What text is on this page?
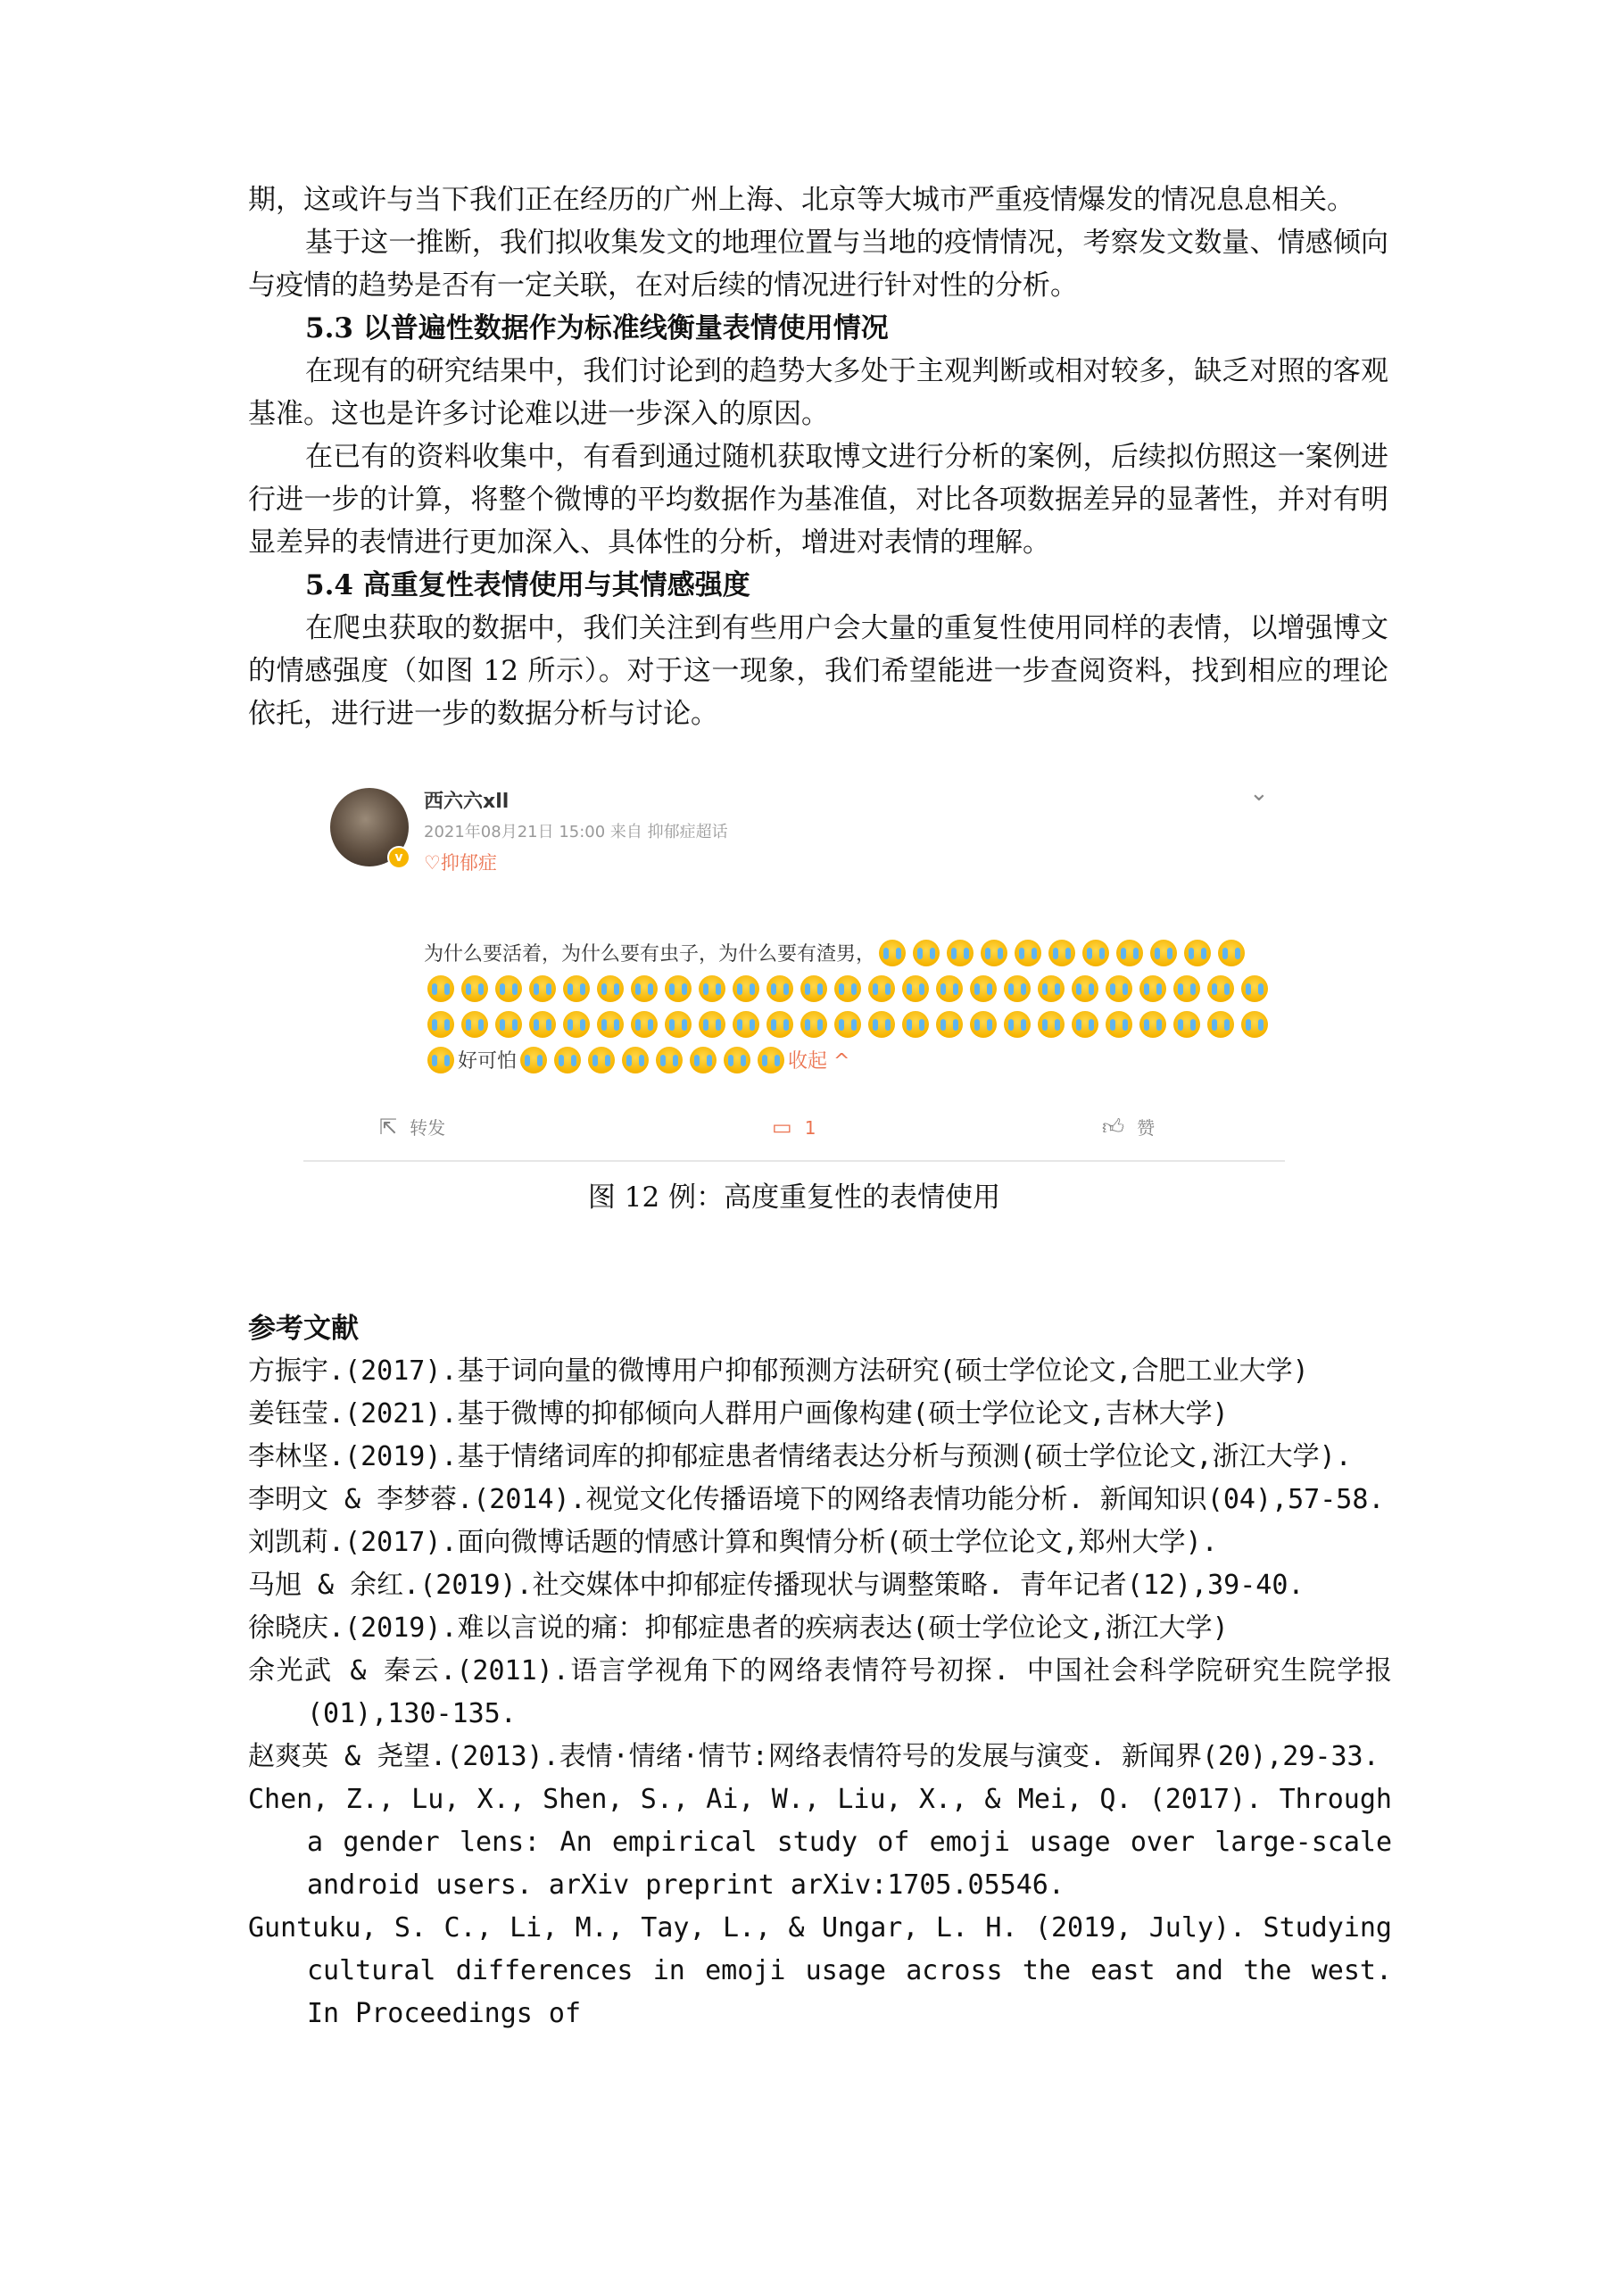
期，这或许与当下我们正在经历的广州上海、北京等大城市严重疫情爆发的情况息息相关。

基于这一推断，我们拟收集发文的地理位置与当地的疫情情况，考察发文数量、情感倾向与疫情的趋势是否有一定关联，在对后续的情况进行针对性的分析。

5.3 以普遍性数据作为标准线衡量表情使用情况

在现有的研究结果中，我们讨论到的趋势大多处于主观判断或相对较多，缺乏对照的客观基准。这也是许多讨论难以进一步深入的原因。

在已有的资料收集中，有看到通过随机获取博文进行分析的案例，后续拟仿照这一案例进行进一步的计算，将整个微博的平均数据作为基准值，对比各项数据差异的显著性，并对有明显差异的表情进行更加深入、具体性的分析，增进对表情的理解。

5.4 高重复性表情使用与其情感强度

在爬虫获取的数据中，我们关注到有些用户会大量的重复性使用同样的表情，以增强博文的情感强度（如图 12 所示）。对于这一现象，我们希望能进一步查阅资料，找到相应的理论依托，进行进一步的数据分析与讨论。

v
西六六xll
2021年08月21日 15:00 来自 抑郁症超话
♡抑郁症
⌄
为什么要活着，为什么要有虫子，为什么要有渣男，好可怕	收起 ^
⇱ 转发	▭ 1	👍︎ 赞
图 12 例：高度重复性的表情使用

参考文献

方振宇.(2017).基于词向量的微博用户抑郁预测方法研究(硕士学位论文,合肥工业大学)

姜钰莹.(2021).基于微博的抑郁倾向人群用户画像构建(硕士学位论文,吉林大学)

李林坚.(2019).基于情绪词库的抑郁症患者情绪表达分析与预测(硕士学位论文,浙江大学).

李明文 & 李梦蓉.(2014).视觉文化传播语境下的网络表情功能分析. 新闻知识(04),57-58.

刘凯莉.(2017).面向微博话题的情感计算和舆情分析(硕士学位论文,郑州大学).

马旭 & 余红.(2019).社交媒体中抑郁症传播现状与调整策略. 青年记者(12),39-40.

徐晓庆.(2019).难以言说的痛：抑郁症患者的疾病表达(硕士学位论文,浙江大学)

余光武 & 秦云.(2011).语言学视角下的网络表情符号初探. 中国社会科学院研究生院学报(01),130-135.

赵爽英 & 尧望.(2013).表情·情绪·情节:网络表情符号的发展与演变. 新闻界(20),29-33.

Chen, Z., Lu, X., Shen, S., Ai, W., Liu, X., & Mei, Q. (2017). Through a gender lens: An empirical study of emoji usage over large-scale android users. arXiv preprint arXiv:1705.05546.

Guntuku, S. C., Li, M., Tay, L., & Ungar, L. H. (2019, July). Studying cultural differences in emoji usage across the east and the west. In Proceedings of
